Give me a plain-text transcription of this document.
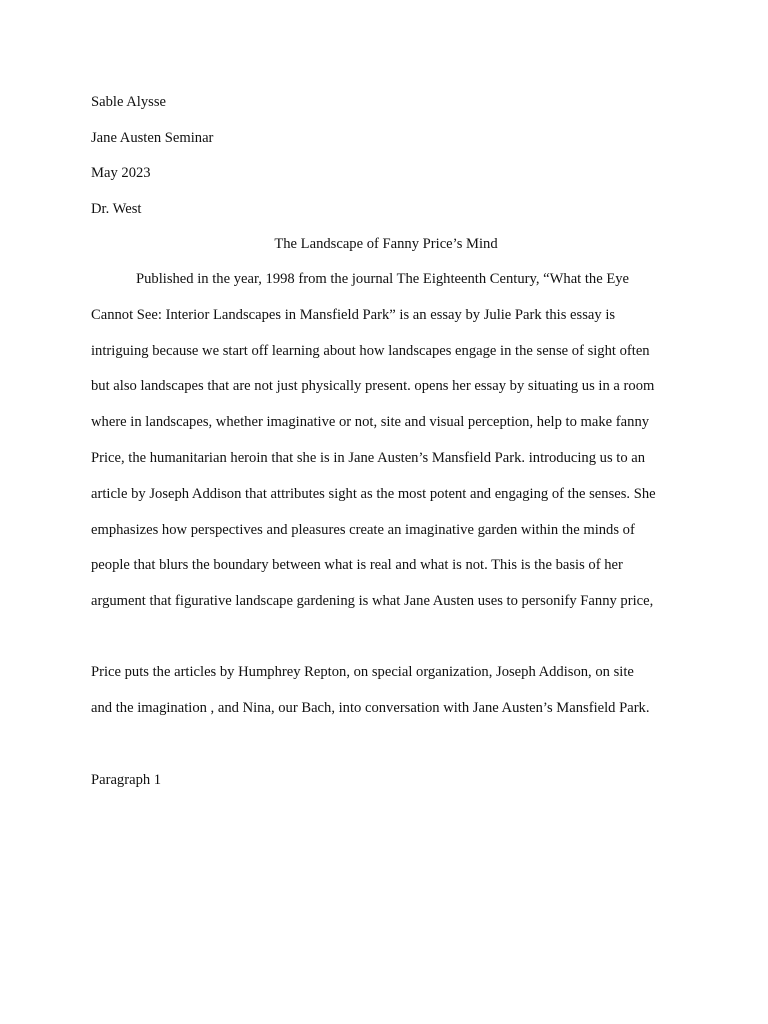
Sable Alysse
Jane Austen Seminar
May 2023
Dr. West
The Landscape of Fanny Price’s Mind
Published in the year, 1998 from the journal The Eighteenth Century, “What the Eye
Cannot See: Interior Landscapes in Mansfield Park” is an essay by Julie Park this essay is
intriguing because we start off learning about how landscapes engage in the sense of sight often
but also landscapes that are not just physically present. opens her essay by situating us in a room
where in landscapes, whether imaginative or not, site and visual perception, help to make fanny
Price, the humanitarian heroin that she is in Jane Austen’s Mansfield Park. introducing us to an
article by Joseph Addison that attributes sight as the most potent and engaging of the senses. She
emphasizes how perspectives and pleasures create an imaginative garden within the minds of
people that blurs the boundary between what is real and what is not. This is the basis of her
argument that figurative landscape gardening is what Jane Austen uses to personify Fanny price,
Price puts the articles by Humphrey Repton, on special organization, Joseph Addison, on site
and the imagination , and Nina, our Bach, into conversation with Jane Austen’s Mansfield Park.
Paragraph 1
